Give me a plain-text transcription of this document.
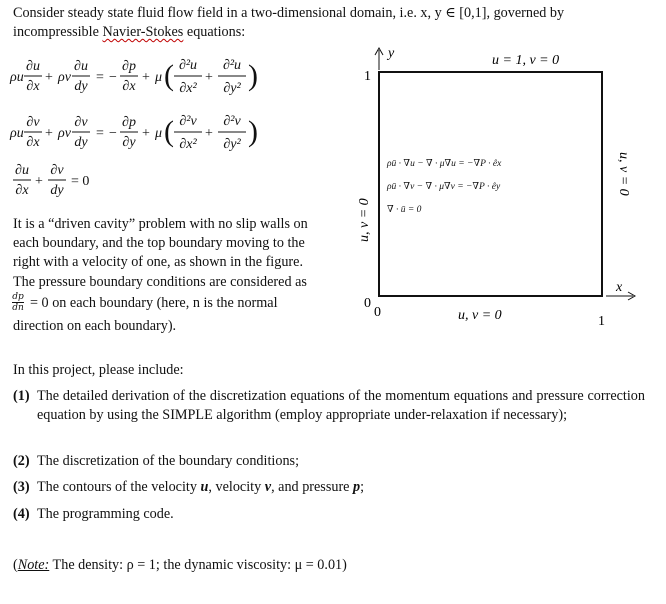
Consider steady state fluid flow field in a two-dimensional domain, i.e. x, y ∈ [0,1], governed by
incompressible Navier-Stokes equations:
ρu
∂u
∂x
+ ρv
∂u
dy
= −
∂p
∂x
+ μ ( ∂²u
∂x²
+
∂²u
∂y² )
ρu
∂v
∂x
+ ρv
∂v
dy
= −
∂p
∂y
+ μ ( ∂²v
∂x²
+
∂²v
∂y² )
∂u
∂x
+
∂v
dy
= 0
It is a “driven cavity” problem with no slip walls on
each boundary, and the top boundary moving to the
right with a velocity of one, as shown in the figure.
The pressure boundary conditions are considered as
dp
dn = 0 on each boundary (here, n is the normal
direction on each boundary).
y	u = 1, v = 0
1
0
0
1
x
u, v = 0
u, v = 0
u, v = 0
ρū · ∇u − ∇ · μ∇u = −∇P · êx
ρū · ∇v − ∇ · μ∇v = −∇P · êy
∇ · ū = 0
In this project, please include:
(1) The detailed derivation of the discretization equations of the momentum equations and pressure correction equation by using the SIMPLE algorithm (employ appropriate under-relaxation if necessary);
(2) The discretization of the boundary conditions;
(3) The contours of the velocity u, velocity v, and pressure p;
(4) The programming code.
(Note: The density: ρ = 1; the dynamic viscosity: μ = 0.01)
